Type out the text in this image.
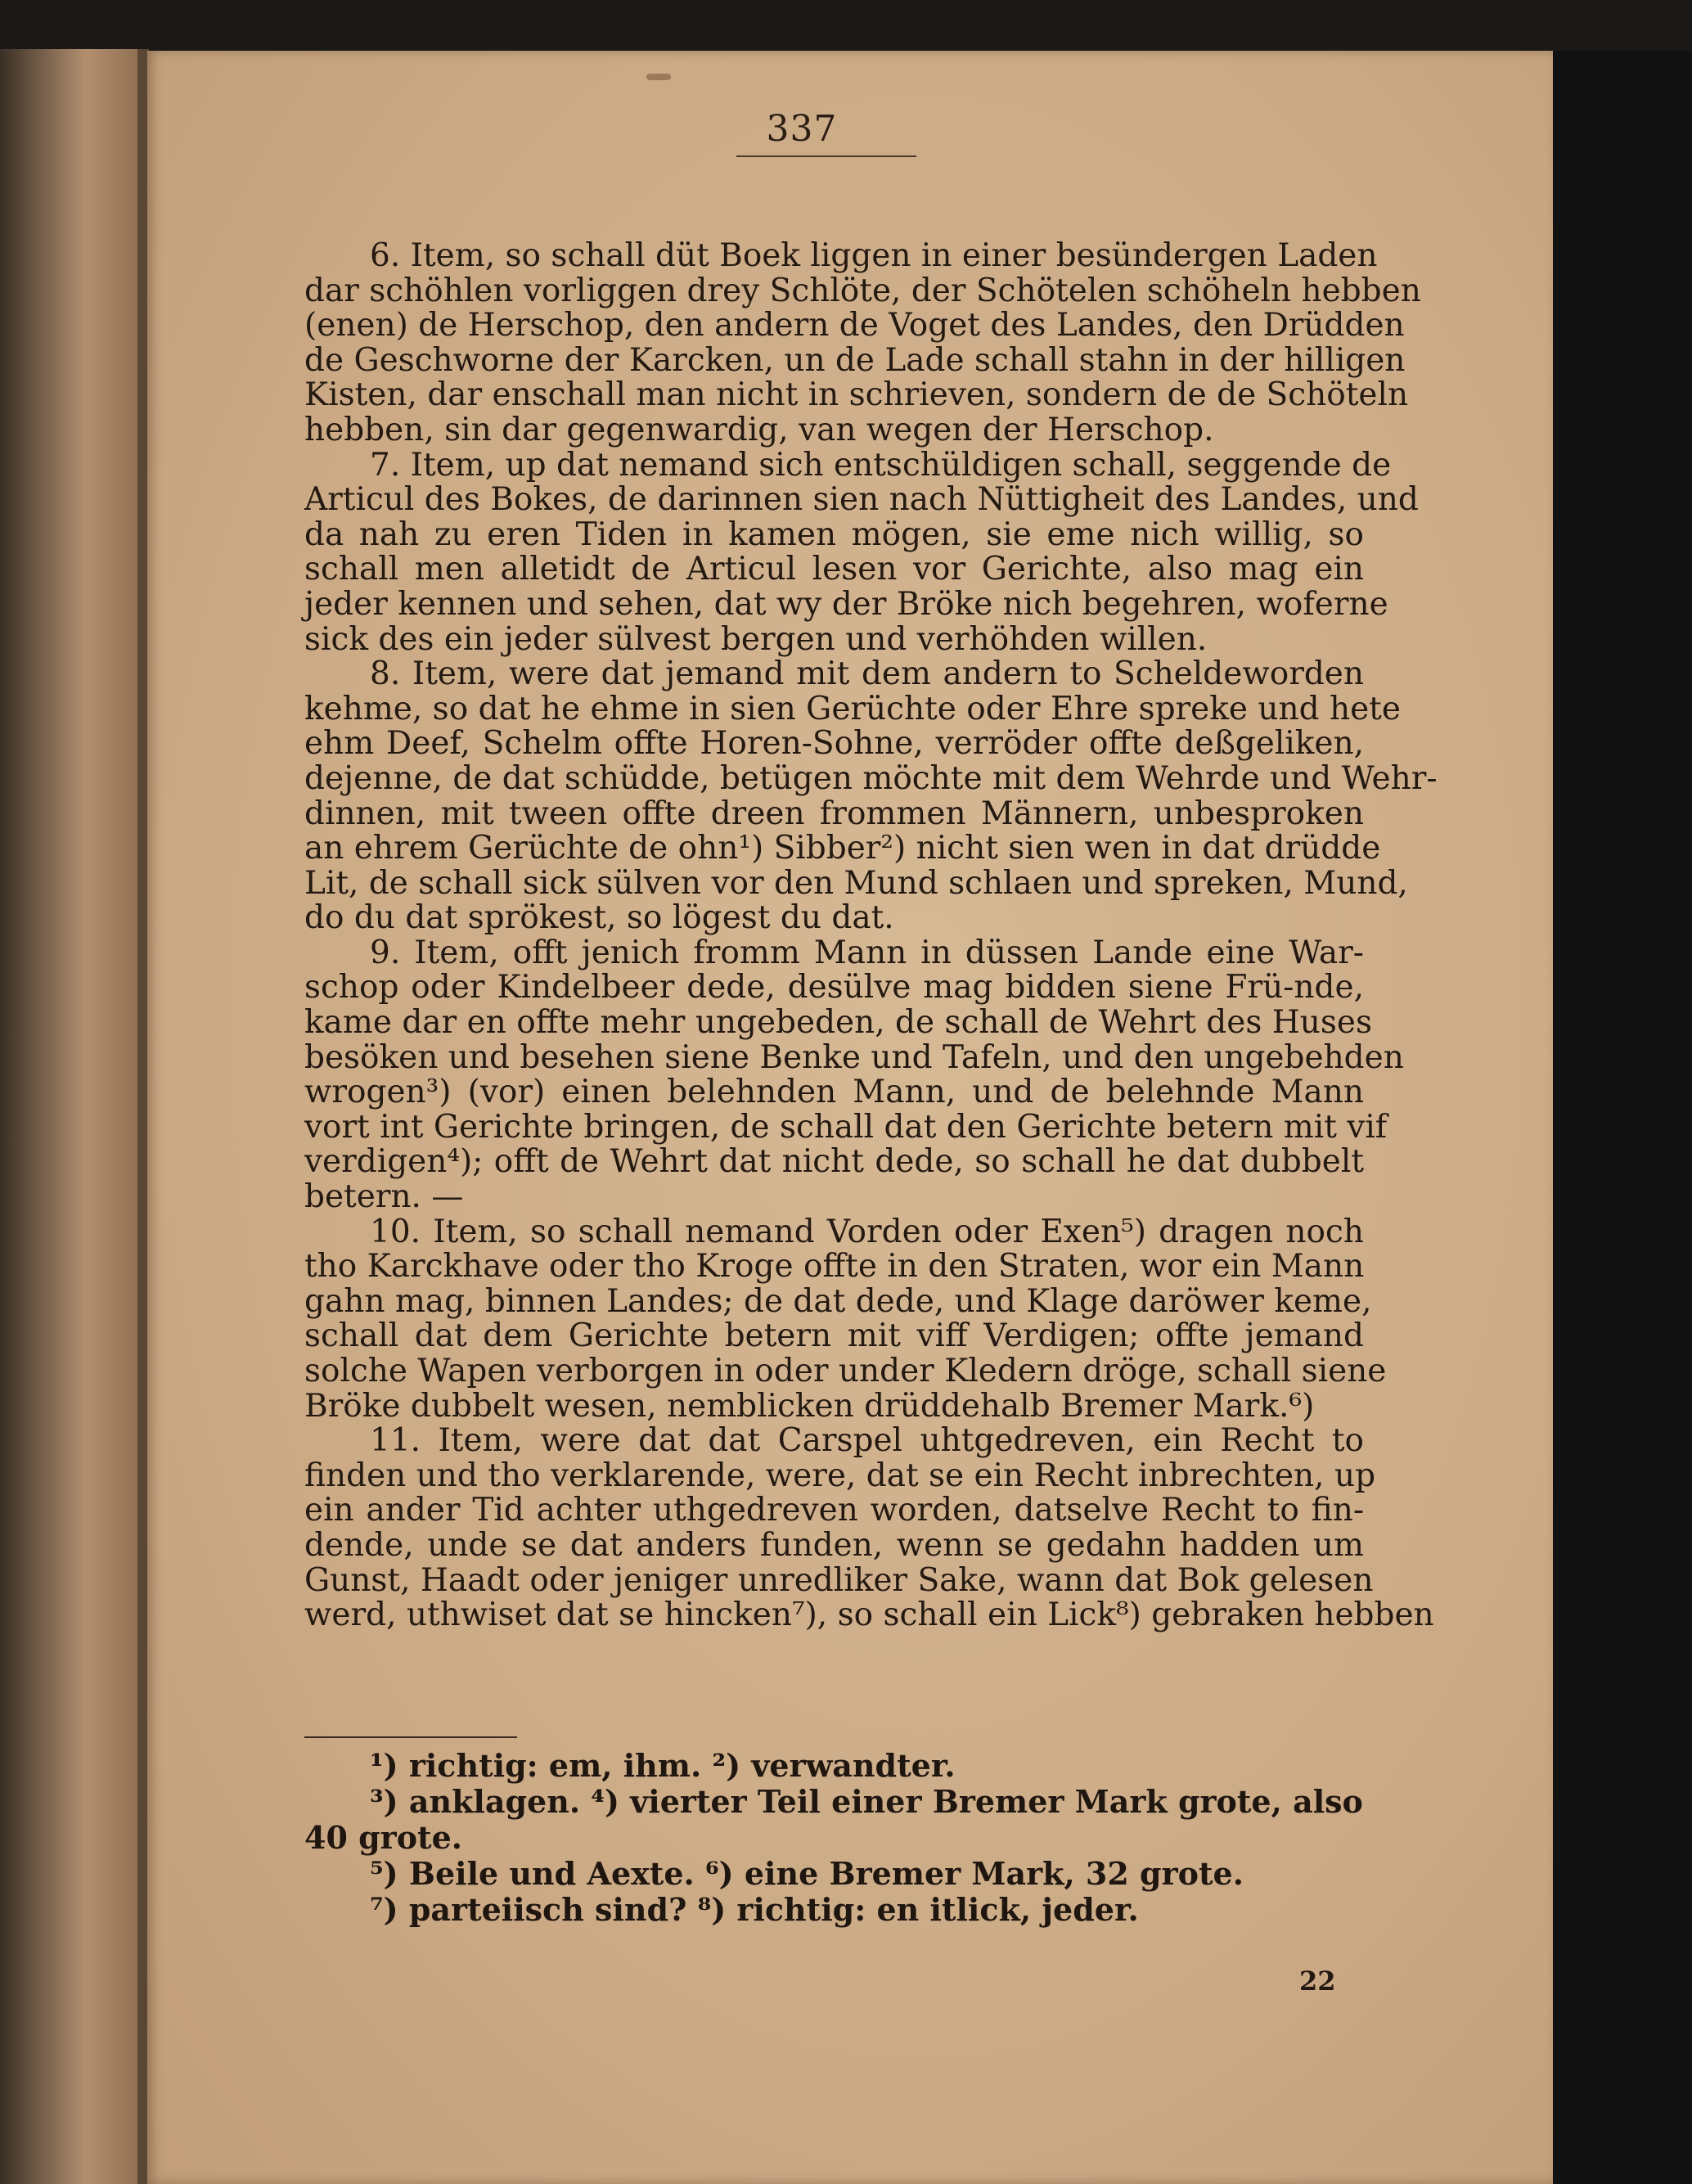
337
6. Item, so schall düt Boek liggen in einer besündergen Laden
dar schöhlen vorliggen drey Schlöte, der Schötelen schöheln hebben
(enen) de Herschop, den andern de Voget des Landes, den Drüdden
de Geschworne der Karcken, un de Lade schall stahn in der hilligen
Kisten, dar enschall man nicht in schrieven, sondern de de Schöteln
hebben, sin dar gegenwardig, van wegen der Herschop.
7. Item, up dat nemand sich entschüldigen schall, seggende de
Articul des Bokes, de darinnen sien nach Nüttigheit des Landes, und
da nah zu eren Tiden in kamen mögen, sie eme nich willig, so
schall men alletidt de Articul lesen vor Gerichte, also mag ein
jeder kennen und sehen, dat wy der Bröke nich begehren, woferne
sick des ein jeder sülvest bergen und verhöhden willen.
8. Item, were dat jemand mit dem andern to Scheldeworden
kehme, so dat he ehme in sien Gerüchte oder Ehre spreke und hete
ehm Deef, Schelm offte Horen-Sohne, verröder offte deßgeliken,
dejenne, de dat schüdde, betügen möchte mit dem Wehrde und Wehr-
dinnen, mit tween offte dreen frommen Männern, unbesproken
an ehrem Gerüchte de ohn¹) Sibber²) nicht sien wen in dat drüdde
Lit, de schall sick sülven vor den Mund schlaen und spreken, Mund,
do du dat sprökest, so lögest du dat.
9. Item, offt jenich fromm Mann in düssen Lande eine War-
schop oder Kindelbeer dede, desülve mag bidden siene Frü-nde,
kame dar en offte mehr ungebeden, de schall de Wehrt des Huses
besöken und besehen siene Benke und Tafeln, und den ungebehden
wrogen³) (vor) einen belehnden Mann, und de belehnde Mann
vort int Gerichte bringen, de schall dat den Gerichte betern mit vif
verdigen⁴); offt de Wehrt dat nicht dede, so schall he dat dubbelt
betern. —
10. Item, so schall nemand Vorden oder Exen⁵) dragen noch
tho Karckhave oder tho Kroge offte in den Straten, wor ein Mann
gahn mag, binnen Landes; de dat dede, und Klage daröwer keme,
schall dat dem Gerichte betern mit viff Verdigen; offte jemand
solche Wapen verborgen in oder under Kledern dröge, schall siene
Bröke dubbelt wesen, nemblicken drüddehalb Bremer Mark.⁶)
11. Item, were dat dat Carspel uhtgedreven, ein Recht to
finden und tho verklarende, were, dat se ein Recht inbrechten, up
ein ander Tid achter uthgedreven worden, datselve Recht to fin-
dende, unde se dat anders funden, wenn se gedahn hadden um
Gunst, Haadt oder jeniger unredliker Sake, wann dat Bok gelesen
werd, uthwiset dat se hincken⁷), so schall ein Lick⁸) gebraken hebben
¹) richtig: em, ihm. ²) verwandter.
³) anklagen. ⁴) vierter Teil einer Bremer Mark grote, also
40 grote.
⁵) Beile und Aexte. ⁶) eine Bremer Mark, 32 grote.
⁷) parteiisch sind? ⁸) richtig: en itlick, jeder.
22
